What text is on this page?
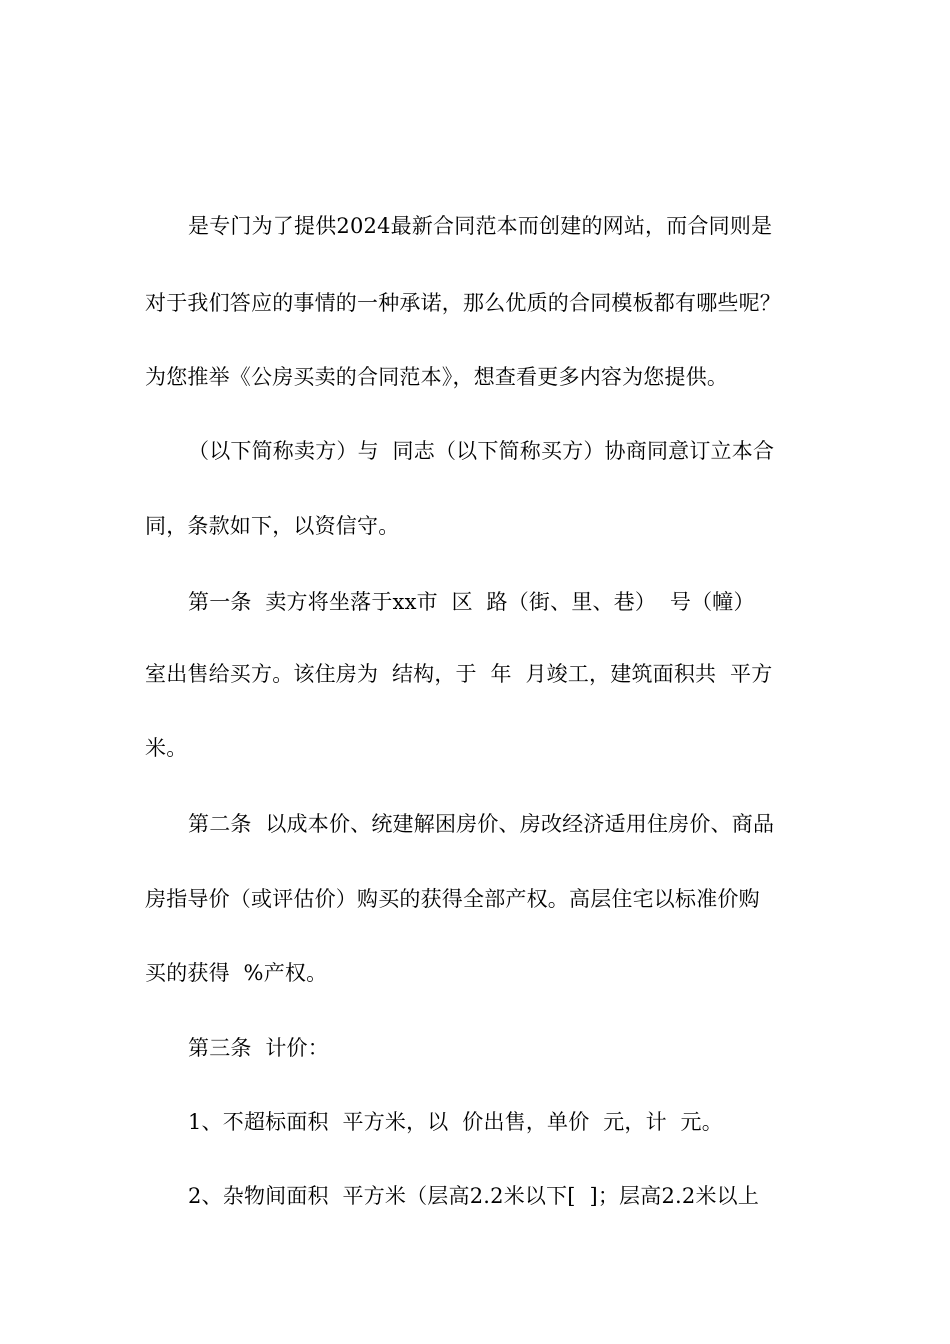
是专门为了提供2024最新合同范本而创建的网站，而合同则是
对于我们答应的事情的一种承诺，那么优质的合同模板都有哪些呢？
为您推举《公房买卖的合同范本》，想查看更多内容为您提供。
（以下简称卖方）与  同志（以下简称买方）协商同意订立本合
同，条款如下，以资信守。
第一条  卖方将坐落于xx市  区  路（街、里、巷）  号（幢）
室出售给买方。该住房为  结构，于  年  月竣工，建筑面积共  平方
米。
第二条  以成本价、统建解困房价、房改经济适用住房价、商品
房指导价（或评估价）购买的获得全部产权。高层住宅以标准价购
买的获得  %产权。
第三条  计价：
1、不超标面积  平方米，以  价出售，单价  元，计  元。
2、杂物间面积  平方米（层高2.2米以下[  ]；层高2.2米以上
